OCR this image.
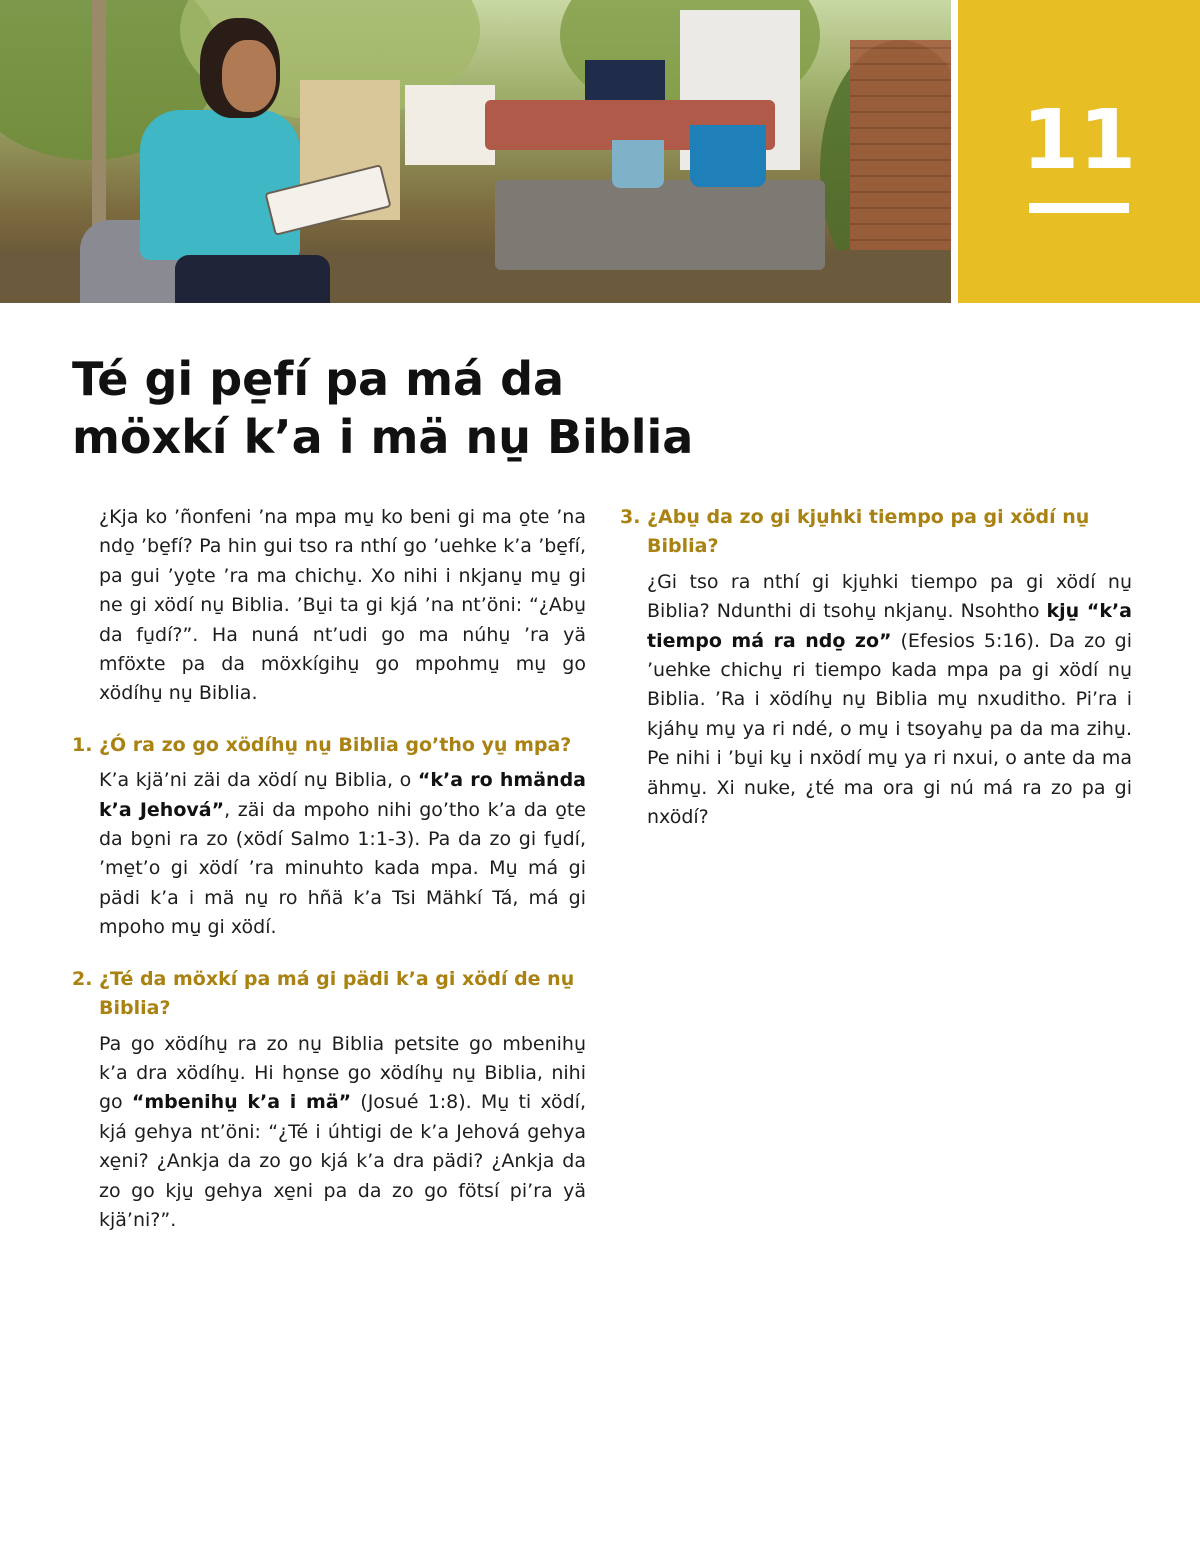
11
Té gi pe̱fí pa má da
möxkí k’a i mä nu̱ Biblia

¿Kja ko ’ñonfeni ’na mpa mu̱ ko beni gi ma o̱te ’na ndo̱ ’be̱fí? Pa hin gui tso ra nthí go ’uehke k’a ’be̱fí, pa gui ’yo̱te ’ra ma chichu̱. Xo nihi i nkjanu̱ mu̱ gi ne gi xödí nu̱ Biblia. ’Bu̱i ta gi kjá ’na nt’öni: “¿Abu̱ da fu̱dí?”. Ha nuná nt’udi go ma núhu̱ ’ra yä mföxte pa da möxkígihu̱ go mpohmu̱ mu̱ go xödíhu̱ nu̱ Biblia.

1. ¿Ó ra zo go xödíhu̱ nu̱ Biblia go’tho yu̱ mpa?

K’a kjä’ni zäi da xödí nu̱ Biblia, o “k’a ro hmända k’a Jehová”, zäi da mpoho nihi go’tho k’a da o̱te da bo̱ni ra zo (xödí Salmo 1:1-3). Pa da zo gi fu̱dí, ’me̱t’o gi xödí ’ra minuhto kada mpa. Mu̱ má gi pädi k’a i mä nu̱ ro hñä k’a Tsi Mähkí Tá, má gi mpoho mu̱ gi xödí.

2. ¿Té da möxkí pa má gi pädi k’a gi xödí de nu̱ Biblia?

Pa go xödíhu̱ ra zo nu̱ Biblia petsite go mbenihu̱ k’a dra xödíhu̱. Hi ho̱nse go xödíhu̱ nu̱ Biblia, nihi go “mbenihu̱ k’a i mä” (Josué 1:8). Mu̱ ti xödí, kjá gehya nt’öni: “¿Té i úhtigi de k’a Jehová gehya xe̱ni? ¿Ankja da zo go kjá k’a dra pädi? ¿Ankja da zo go kju̱ gehya xe̱ni pa da zo go fötsí pi’ra yä kjä’ni?”.

3. ¿Abu̱ da zo gi kju̱hki tiempo pa gi xödí nu̱ Biblia?

¿Gi tso ra nthí gi kju̱hki tiempo pa gi xödí nu̱ Biblia? Ndunthi di tsohu̱ nkjanu̱. Nsohtho kju̱ “k’a tiempo má ra ndo̱ zo” (Efesios 5:16). Da zo gi ’uehke chichu̱ ri tiempo kada mpa pa gi xödí nu̱ Biblia. ’Ra i xödíhu̱ nu̱ Biblia mu̱ nxuditho. Pi’ra i kjáhu̱ mu̱ ya ri ndé, o mu̱ i tsoyahu̱ pa da ma zihu̱. Pe nihi i ’bu̱i ku̱ i nxödí mu̱ ya ri nxui, o ante da ma ähmu̱. Xi nuke, ¿té ma ora gi nú má ra zo pa gi nxödí?
